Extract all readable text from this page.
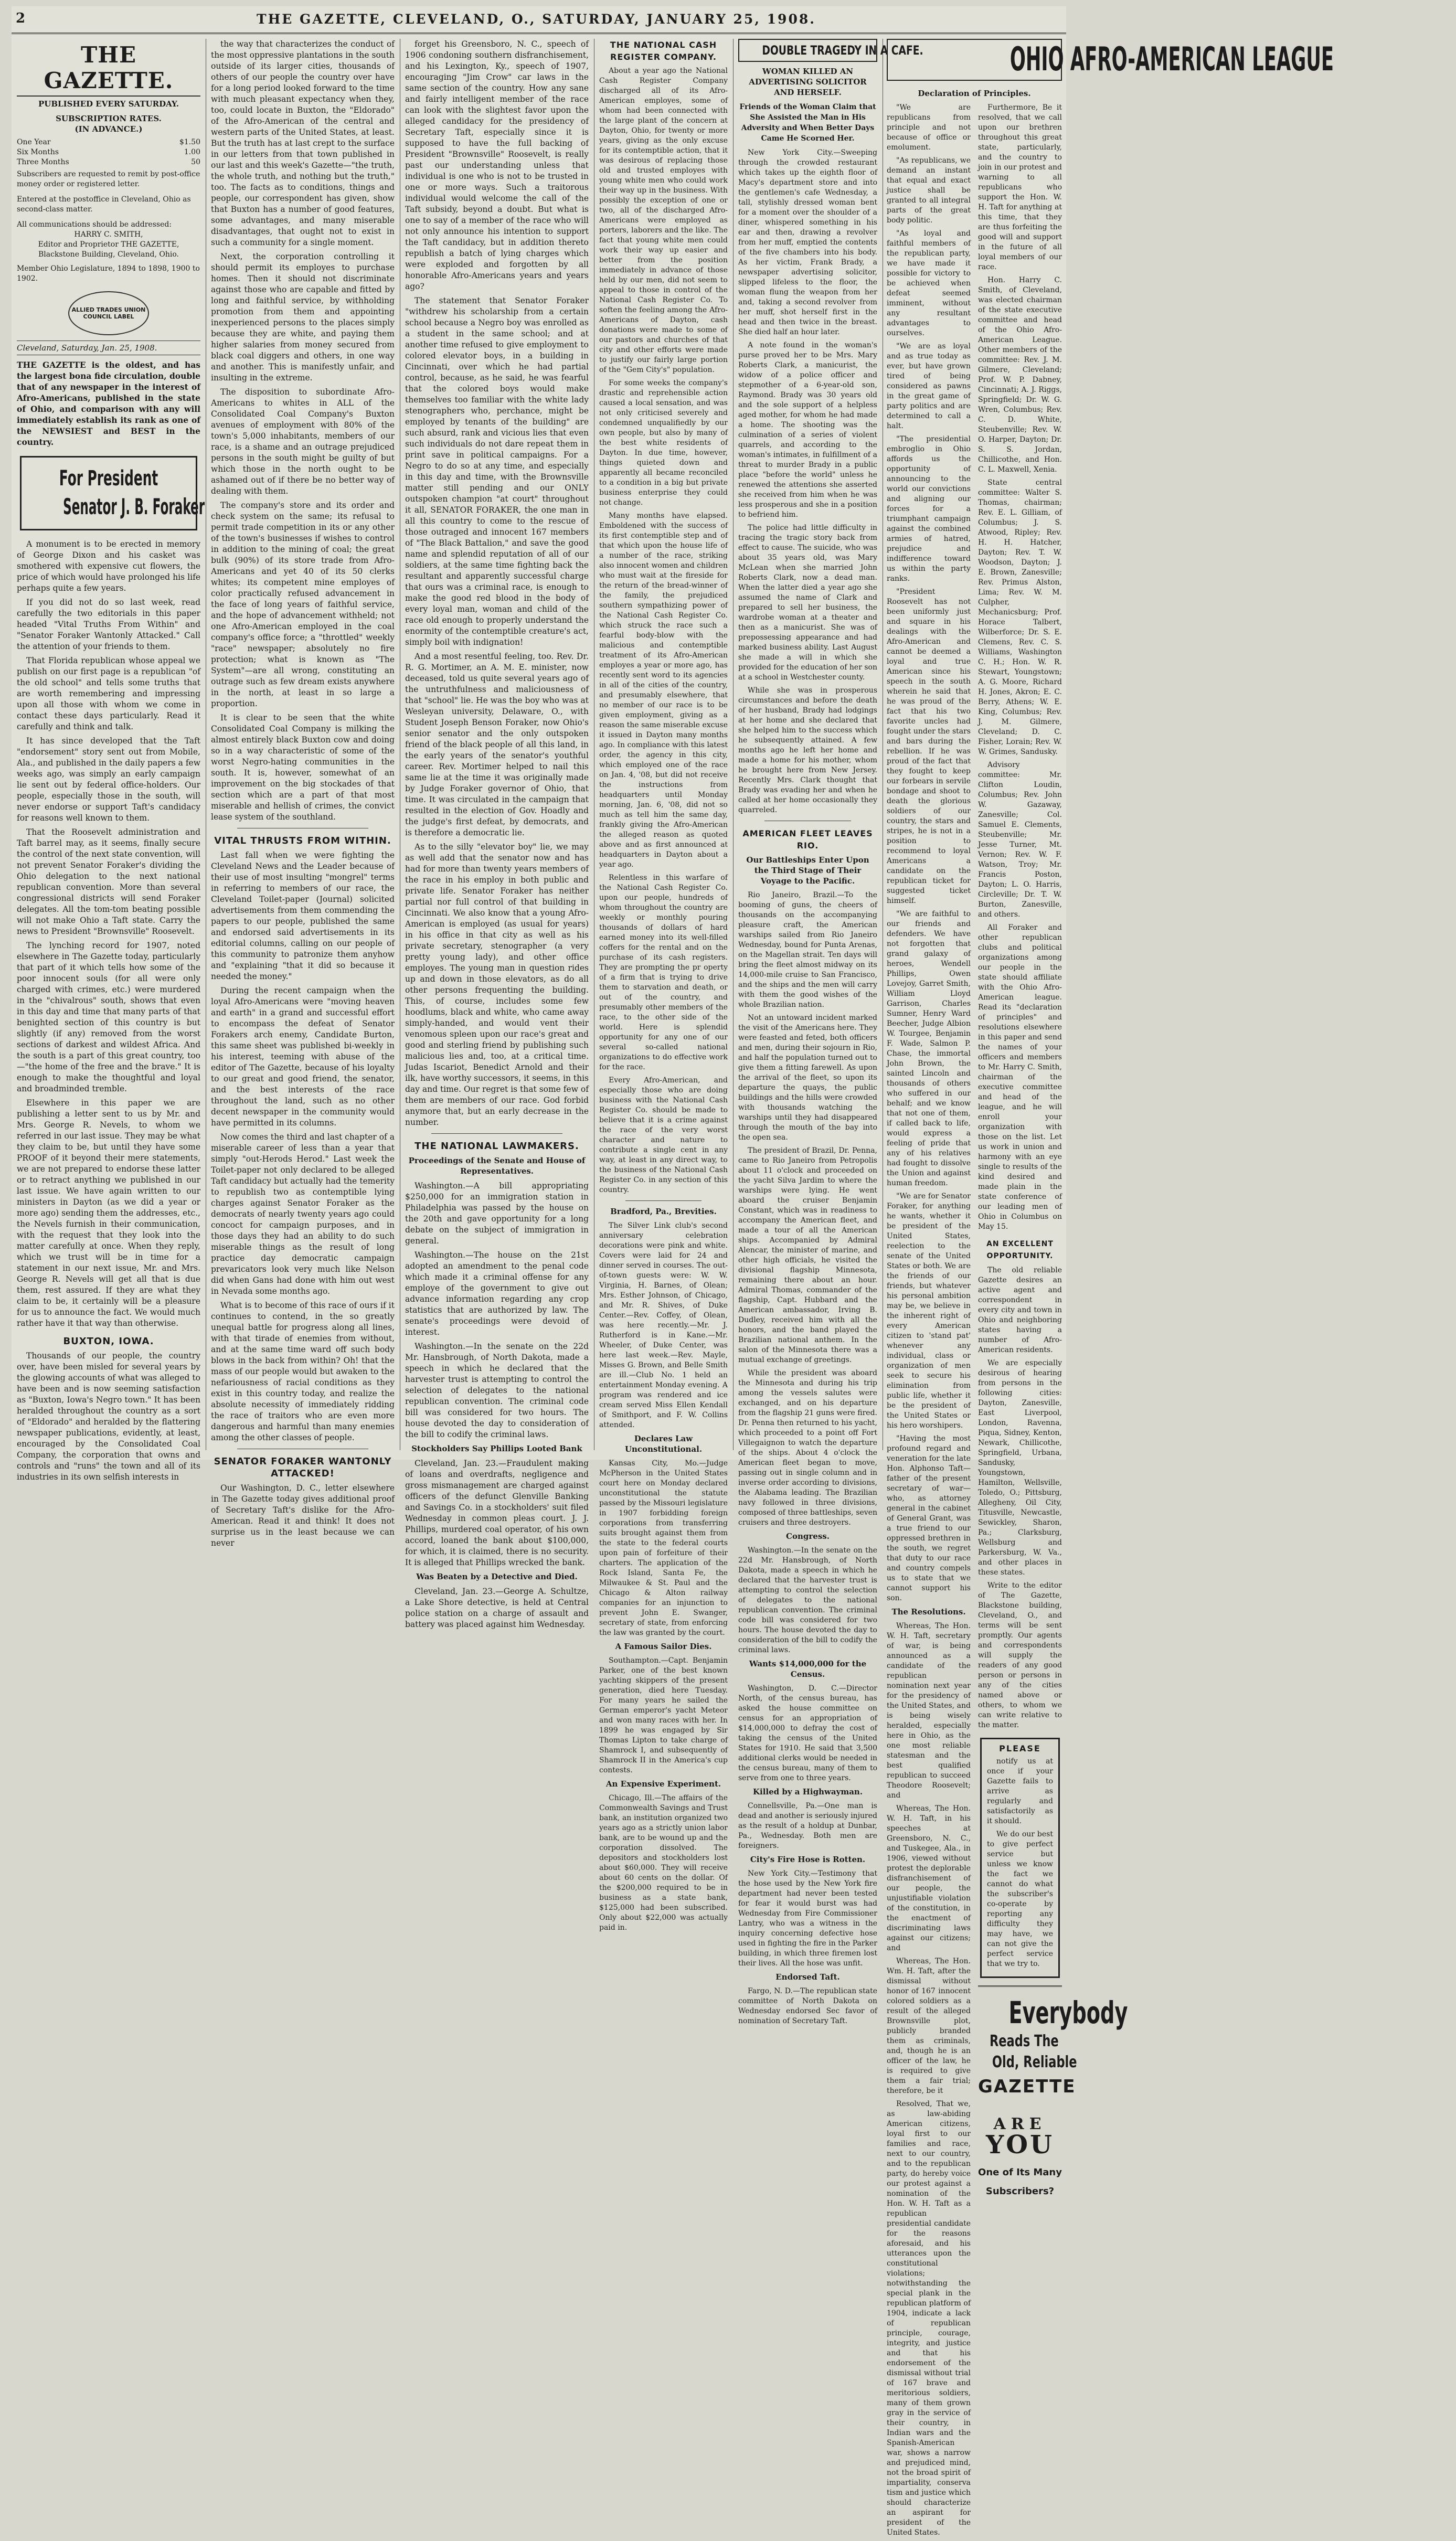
2	THE GAZETTE, CLEVELAND, O., SATURDAY, JANUARY 25, 1908.
THE GAZETTE.
PUBLISHED EVERY SATURDAY.
SUBSCRIPTION RATES.
(IN ADVANCE.)
One Year	$1.50
Six Months	1.00
Three Months	50
Subscribers are requested to remit by post-office money order or registered letter.
Entered at the postoffice in Cleveland, Ohio as second-class matter.
All communications should be addressed:
HARRY C. SMITH,
Editor and Proprietor THE GAZETTE,
Blackstone Building, Cleveland, Ohio.
Member Ohio Legislature, 1894 to 1898, 1900 to 1902.
ALLIED TRADES UNION COUNCIL LABEL
Cleveland, Saturday, Jan. 25, 1908.
THE GAZETTE is the oldest, and has the largest bona fide circulation, double that of any newspaper in the interest of Afro-Americans, published in the state of Ohio, and comparison with any will immediately establish its rank as one of the NEWSIEST and BEST in the country.
For President
Senator J. B. Foraker
A monument is to be erected in memory of George Dixon and his casket was smothered with expensive cut flowers, the price of which would have prolonged his life perhaps quite a few years.
If you did not do so last week, read carefully the two editorials in this paper headed "Vital Truths From Within" and "Senator Foraker Wantonly Attacked." Call the attention of your friends to them.
That Florida republican whose appeal we publish on our first page is a republican "of the old school" and tells some truths that are worth remembering and impressing upon all those with whom we come in contact these days particularly. Read it carefully and think and talk.
It has since developed that the Taft "endorsement" story sent out from Mobile, Ala., and published in the daily papers a few weeks ago, was simply an early campaign lie sent out by federal office-holders. Our people, especially those in the south, will never endorse or support Taft's candidacy for reasons well known to them.
That the Roosevelt administration and Taft barrel may, as it seems, finally secure the control of the next state convention, will not prevent Senator Foraker's dividing the Ohio delegation to the next national republican convention. More than several congressional districts will send Foraker delegates. All the tom-tom beating possible will not make Ohio a Taft state. Carry the news to President "Brownsville" Roosevelt.
The lynching record for 1907, noted elsewhere in The Gazette today, particularly that part of it which tells how some of the poor innocent souls (for all were only charged with crimes, etc.) were murdered in the "chivalrous" south, shows that even in this day and time that many parts of that benighted section of this country is but slightly (if any) removed from the worst sections of darkest and wildest Africa. And the south is a part of this great country, too—"the home of the free and the brave." It is enough to make the thoughtful and loyal and broadminded tremble.
Elsewhere in this paper we are publishing a letter sent to us by Mr. and Mrs. George R. Nevels, to whom we referred in our last issue. They may be what they claim to be, but until they have some PROOF of it beyond their mere statements, we are not prepared to endorse these latter or to retract anything we published in our last issue. We have again written to our ministers in Dayton (as we did a year or more ago) sending them the addresses, etc., the Nevels furnish in their communication, with the request that they look into the matter carefully at once. When they reply, which we trust will be in time for a statement in our next issue, Mr. and Mrs. George R. Nevels will get all that is due them, rest assured. If they are what they claim to be, it certainly will be a pleasure for us to announce the fact. We would much rather have it that way than otherwise.
BUXTON, IOWA.
Thousands of our people, the country over, have been misled for several years by the glowing accounts of what was alleged to have been and is now seeming satisfaction as "Buxton, Iowa's Negro town." It has been heralded throughout the country as a sort of "Eldorado" and heralded by the flattering newspaper publications, evidently, at least, encouraged by the Consolidated Coal Company, the corporation that owns and controls and "runs" the town and all of its industries in its own selfish interests in
the way that characterizes the conduct of the most oppressive plantations in the south outside of its larger cities, thousands of others of our people the country over have for a long period looked forward to the time with much pleasant expectancy when they, too, could locate in Buxton, the "Eldorado" of the Afro-American of the central and western parts of the United States, at least. But the truth has at last crept to the surface in our letters from that town published in our last and this week's Gazette—"the truth, the whole truth, and nothing but the truth," too. The facts as to conditions, things and people, our correspondent has given, show that Buxton has a number of good features, some advantages, and many miserable disadvantages, that ought not to exist in such a community for a single moment.
Next, the corporation controlling it should permit its employes to purchase homes. Then it should not discriminate against those who are capable and fitted by long and faithful service, by withholding promotion from them and appointing inexperienced persons to the places simply because they are white, and paying them higher salaries from money secured from black coal diggers and others, in one way and another. This is manifestly unfair, and insulting in the extreme.
The disposition to subordinate Afro-Americans to whites in ALL of the Consolidated Coal Company's Buxton avenues of employment with 80% of the town's 5,000 inhabitants, members of our race, is a shame and an outrage prejudiced persons in the south might be guilty of but which those in the north ought to be ashamed out of if there be no better way of dealing with them.
The company's store and its order and check system on the same; its refusal to permit trade competition in its or any other of the town's businesses if wishes to control in addition to the mining of coal; the great bulk (90%) of its store trade from Afro-Americans and yet 40 of its 50 clerks whites; its competent mine employes of color practically refused advancement in the face of long years of faithful service, and the hope of advancement withheld; not one Afro-American employed in the coal company's office force; a "throttled" weekly "race" newspaper; absolutely no fire protection; what is known as "The System"—are all wrong, constituting an outrage such as few dream exists anywhere in the north, at least in so large a proportion.
It is clear to be seen that the white Consolidated Coal Company is milking the almost entirely black Buxton cow and doing so in a way characteristic of some of the worst Negro-hating communities in the south. It is, however, somewhat of an improvement on the big stockades of that section which are a part of that most miserable and hellish of crimes, the convict lease system of the southland.
VITAL THRUSTS FROM WITHIN.
Last fall when we were fighting the Cleveland News and the Leader because of their use of most insulting "mongrel" terms in referring to members of our race, the Cleveland Toilet-paper (Journal) solicited advertisements from them commending the papers to our people, published the same and endorsed said advertisements in its editorial columns, calling on our people of this community to patronize them anyhow and "explaining "that it did so because it needed the money."
During the recent campaign when the loyal Afro-Americans were "moving heaven and earth" in a grand and successful effort to encompass the defeat of Senator Forakers arch enemy, Candidate Burton, this same sheet was published bi-weekly in his interest, teeming with abuse of the editor of The Gazette, because of his loyalty to our great and good friend, the senator, and the best interests of the race throughout the land, such as no other decent newspaper in the community would have permitted in its columns.
Now comes the third and last chapter of a miserable career of less than a year that simply "out-Herods Herod." Last week the Toilet-paper not only declared to be alleged Taft candidacy but actually had the temerity to republish two as contemptible lying charges against Senator Foraker as the democrats of nearly twenty years ago could concoct for campaign purposes, and in those days they had an ability to do such miserable things as the result of long practice day democratic campaign prevaricators look very much like Nelson did when Gans had done with him out west in Nevada some months ago.
What is to become of this race of ours if it continues to contend, in the so greatly unequal battle for progress along all lines, with that tirade of enemies from without, and at the same time ward off such body blows in the back from within? Oh! that the mass of our people would but awaken to the nefariousness of racial conditions as they exist in this country today, and realize the absolute necessity of immediately ridding the race of traitors who are even more dangerous and harmful than many enemies among the other classes of people.
SENATOR FORAKER WANTONLY ATTACKED!
Our Washington, D. C., letter elsewhere in The Gazette today gives additional proof of Secretary Taft's dislike for the Afro-American. Read it and think! It does not surprise us in the least because we can never
forget his Greensboro, N. C., speech of 1906 condoning southern disfranchisement, and his Lexington, Ky., speech of 1907, encouraging "Jim Crow" car laws in the same section of the country. How any sane and fairly intelligent member of the race can look with the slightest favor upon the alleged candidacy for the presidency of Secretary Taft, especially since it is supposed to have the full backing of President "Brownsville" Roosevelt, is really past our understanding unless that individual is one who is not to be trusted in one or more ways. Such a traitorous individual would welcome the call of the Taft subsidy, beyond a doubt. But what is one to say of a member of the race who will not only announce his intention to support the Taft candidacy, but in addition thereto republish a batch of lying charges which were exploded and forgotten by all honorable Afro-Americans years and years ago?
The statement that Senator Foraker "withdrew his scholarship from a certain school because a Negro boy was enrolled as a student in the same school; and at another time refused to give employment to colored elevator boys, in a building in Cincinnati, over which he had partial control, because, as he said, he was fearful that the colored boys would make themselves too familiar with the white lady stenographers who, perchance, might be employed by tenants of the building" are such absurd, rank and vicious lies that even such individuals do not dare repeat them in print save in political campaigns. For a Negro to do so at any time, and especially in this day and time, with the Brownsville matter still pending and our ONLY outspoken champion "at court" throughout it all, SENATOR FORAKER, the one man in all this country to come to the rescue of those outraged and innocent 167 members of "The Black Battalion," and save the good name and splendid reputation of all of our soldiers, at the same time fighting back the resultant and apparently successful charge that ours was a criminal race, is enough to make the good red blood in the body of every loyal man, woman and child of the race old enough to properly understand the enormity of the contemptible creature's act, simply boil with indignation!
And a most resentful feeling, too. Rev. Dr. R. G. Mortimer, an A. M. E. minister, now deceased, told us quite several years ago of the untruthfulness and maliciousness of that "school" lie. He was the boy who was at Wesleyan university, Delaware, O., with Student Joseph Benson Foraker, now Ohio's senior senator and the only outspoken friend of the black people of all this land, in the early years of the senator's youthful career. Rev. Mortimer helped to nail this same lie at the time it was originally made by Judge Foraker governor of Ohio, that time. It was circulated in the campaign that resulted in the election of Gov. Hoadly and the judge's first defeat, by democrats, and is therefore a democratic lie.
As to the silly "elevator boy" lie, we may as well add that the senator now and has had for more than twenty years members of the race in his employ in both public and private life. Senator Foraker has neither partial nor full control of that building in Cincinnati. We also know that a young Afro-American is employed (as usual for years) in his office in that city as well as his private secretary, stenographer (a very pretty young lady), and other office employes. The young man in question rides up and down in those elevators, as do all other persons frequenting the building. This, of course, includes some few hoodlums, black and white, who came away simply-handed, and would vent their venomous spleen upon our race's great and good and sterling friend by publishing such malicious lies and, too, at a critical time. Judas Iscariot, Benedict Arnold and their ilk, have worthy successors, it seems, in this day and time. Our regret is that some few of them are members of our race. God forbid anymore that, but an early decrease in the number.
THE NATIONAL LAWMAKERS.
Proceedings of the Senate and House of Representatives.
Washington.—A bill appropriating $250,000 for an immigration station in Philadelphia was passed by the house on the 20th and gave opportunity for a long debate on the subject of immigration in general.
Washington.—The house on the 21st adopted an amendment to the penal code which made it a criminal offense for any employe of the government to give out advance information regarding any crop statistics that are authorized by law. The senate's proceedings were devoid of interest.
Washington.—In the senate on the 22d Mr. Hansbrough, of North Dakota, made a speech in which he declared that the harvester trust is attempting to control the selection of delegates to the national republican convention. The criminal code bill was considered for two hours. The house devoted the day to consideration of the bill to codify the criminal laws.
Stockholders Say Phillips Looted Bank
Cleveland, Jan. 23.—Fraudulent making of loans and overdrafts, negligence and gross mismanagement are charged against officers of the defunct Glenville Banking and Savings Co. in a stockholders' suit filed Wednesday in common pleas court. J. J. Phillips, murdered coal operator, of his own accord, loaned the bank about $100,000, for which, it is claimed, there is no security. It is alleged that Phillips wrecked the bank.
Was Beaten by a Detective and Died.
Cleveland, Jan. 23.—George A. Schultze, a Lake Shore detective, is held at Central police station on a charge of assault and battery was placed against him Wednesday.
THE NATIONAL CASH REGISTER COMPANY.
About a year ago the National Cash Register Company discharged all of its Afro-American employes, some of whom had been connected with the large plant of the concern at Dayton, Ohio, for twenty or more years, giving as the only excuse for its contemptible action, that it was desirous of replacing those old and trusted employes with young white men who could work their way up in the business. With possibly the exception of one or two, all of the discharged Afro-Americans were employed as porters, laborers and the like. The fact that young white men could work their way up easier and better from the position immediately in advance of those held by our men, did not seem to appeal to those in control of the National Cash Register Co. To soften the feeling among the Afro-Americans of Dayton, cash donations were made to some of our pastors and churches of that city and other efforts were made to justify our fairly large portion of the "Gem City's" population.
For some weeks the company's drastic and reprehensible action caused a local sensation, and was not only criticised severely and condemned unqualifiedly by our own people, but also by many of the best white residents of Dayton. In due time, however, things quieted down and apparently all became reconciled to a condition in a big but private business enterprise they could not change.
Many months have elapsed. Emboldened with the success of its first contemptible step and of that which upon the house life of a number of the race, striking also innocent women and children who must wait at the fireside for the return of the bread-winner of the family, the prejudiced southern sympathizing power of the National Cash Register Co. which struck the race such a fearful body-blow with the malicious and contemptible treatment of its Afro-American employes a year or more ago, has recently sent word to its agencies in all of the cities of the country, and presumably elsewhere, that no member of our race is to be given employment, giving as a reason the same miserable excuse it issued in Dayton many months ago. In compliance with this latest order, the agency in this city, which employed one of the race on Jan. 4, '08, but did not receive the instructions from headquarters until Monday morning, Jan. 6, '08, did not so much as tell him the same day, frankly giving the Afro-American the alleged reason as quoted above and as first announced at headquarters in Dayton about a year ago.
Relentless in this warfare of the National Cash Register Co. upon our people, hundreds of whom throughout the country are weekly or monthly pouring thousands of dollars of hard earned money into its well-filled coffers for the rental and on the purchase of its cash registers. They are prompting the pr operty of a firm that is trying to drive them to starvation and death, or out of the country, and presumably other members of the race, to the other side of the world. Here is splendid opportunity for any one of our several so-called national organizations to do effective work for the race.
Every Afro-American, and especially those who are doing business with the National Cash Register Co. should be made to believe that it is a crime against the race of the very worst character and nature to contribute a single cent in any way, at least in any direct way, to the business of the National Cash Register Co. in any section of this country.
Bradford, Pa., Brevities.
The Silver Link club's second anniversary celebration decorations were pink and white. Covers were laid for 24 and dinner served in courses. The out-of-town guests were: W. W. Virginia, H. Barnes, of Olean; Mrs. Esther Johnson, of Chicago, and Mr. R. Shives, of Duke Center.—Rev. Coffey, of Olean, was here recently.—Mr. J. Rutherford is in Kane.—Mr. Wheeler, of Duke Center, was here last week.—Rev. Mayle, Misses G. Brown, and Belle Smith are ill.—Club No. 1 held an entertainment Monday evening. A program was rendered and ice cream served Miss Ellen Kendall of Smithport, and F. W. Collins attended.
Declares Law Unconstitutional.
Kansas City, Mo.—Judge McPherson in the United States court here on Monday declared unconstitutional the statute passed by the Missouri legislature in 1907 forbidding foreign corporations from transferring suits brought against them from the state to the federal courts upon pain of forfeiture of their charters. The application of the Rock Island, Santa Fe, the Milwaukee & St. Paul and the Chicago & Alton railway companies for an injunction to prevent John E. Swanger, secretary of state, from enforcing the law was granted by the court.
A Famous Sailor Dies.
Southampton.—Capt. Benjamin Parker, one of the best known yachting skippers of the present generation, died here Tuesday. For many years he sailed the German emperor's yacht Meteor and won many races with her. In 1899 he was engaged by Sir Thomas Lipton to take charge of Shamrock I, and subsequently of Shamrock II in the America's cup contests.
An Expensive Experiment.
Chicago, Ill.—The affairs of the Commonwealth Savings and Trust bank, an institution organized two years ago as a strictly union labor bank, are to be wound up and the corporation dissolved. The depositors and stockholders lost about $60,000. They will receive about 60 cents on the dollar. Of the $200,000 required to be in business as a state bank, $125,000 had been subscribed. Only about $22,000 was actually paid in.
DOUBLE TRAGEDY IN A CAFE.
WOMAN KILLED AN ADVERTISING SOLICITOR AND HERSELF.
Friends of the Woman Claim that She Assisted the Man in His Adversity and When Better Days Came He Scorned Her.
New York City.—Sweeping through the crowded restaurant which takes up the eighth floor of Macy's department store and into the gentlemen's cafe Wednesday, a tall, stylishly dressed woman bent for a moment over the shoulder of a diner, whispered something in his ear and then, drawing a revolver from her muff, emptied the contents of the five chambers into his body. As her victim, Frank Brady, a newspaper advertising solicitor, slipped lifeless to the floor, the woman flung the weapon from her and, taking a second revolver from her muff, shot herself first in the head and then twice in the breast. She died half an hour later.
A note found in the woman's purse proved her to be Mrs. Mary Roberts Clark, a manicurist, the widow of a police officer and stepmother of a 6-year-old son, Raymond. Brady was 30 years old and the sole support of a helpless aged mother, for whom he had made a home. The shooting was the culmination of a series of violent quarrels, and according to the woman's intimates, in fulfillment of a threat to murder Brady in a public place "before the world" unless he renewed the attentions she asserted she received from him when he was less prosperous and she in a position to befriend him.
The police had little difficulty in tracing the tragic story back from effect to cause. The suicide, who was about 35 years old, was Mary McLean when she married John Roberts Clark, now a dead man. When the latter died a year ago she assumed the name of Clark and prepared to sell her business, the wardrobe woman at a theater and then as a manicurist. She was of prepossessing appearance and had marked business ability. Last August she made a will in which she provided for the education of her son at a school in Westchester county.
While she was in prosperous circumstances and before the death of her husband, Brady had lodgings at her home and she declared that she helped him to the success which he subsequently attained. A few months ago he left her home and made a home for his mother, whom he brought here from New Jersey. Recently Mrs. Clark thought that Brady was evading her and when he called at her home occasionally they quarreled.
AMERICAN FLEET LEAVES RIO.
Our Battleships Enter Upon the Third Stage of Their Voyage to the Pacific.
Rio Janeiro, Brazil.—To the booming of guns, the cheers of thousands on the accompanying pleasure craft, the American warships sailed from Rio Janeiro Wednesday, bound for Punta Arenas, on the Magellan strait. Ten days will bring the fleet almost midway on its 14,000-mile cruise to San Francisco, and the ships and the men will carry with them the good wishes of the whole Brazilian nation.
Not an untoward incident marked the visit of the Americans here. They were feasted and feted, both officers and men, during their sojourn in Rio, and half the population turned out to give them a fitting farewell. As upon the arrival of the fleet, so upon its departure the quays, the public buildings and the hills were crowded with thousands watching the warships until they had disappeared through the mouth of the bay into the open sea.
The president of Brazil, Dr. Penna, came to Rio Janeiro from Petropolis about 11 o'clock and proceeded on the yacht Silva Jardim to where the warships were lying. He went aboard the cruiser Benjamin Constant, which was in readiness to accompany the American fleet, and made a tour of all the American ships. Accompanied by Admiral Alencar, the minister of marine, and other high officials, he visited the divisional flagship Minnesota, remaining there about an hour. Admiral Thomas, commander of the flagship, Capt. Hubbard and the American ambassador, Irving B. Dudley, received him with all the honors, and the band played the Brazilian national anthem. In the salon of the Minnesota there was a mutual exchange of greetings.
While the president was aboard the Minnesota and during his trip among the vessels salutes were exchanged, and on his departure from the flagship 21 guns were fired. Dr. Penna then returned to his yacht, which proceeded to a point off Fort Villegaignon to watch the departure of the ships. About 4 o'clock the American fleet began to move, passing out in single column and in inverse order according to divisions, the Alabama leading. The Brazilian navy followed in three divisions, composed of three battleships, seven cruisers and three destroyers.
Congress.
Washington.—In the senate on the 22d Mr. Hansbrough, of North Dakota, made a speech in which he declared that the harvester trust is attempting to control the selection of delegates to the national republican convention. The criminal code bill was considered for two hours. The house devoted the day to consideration of the bill to codify the criminal laws.
Wants $14,000,000 for the Census.
Washington, D. C.—Director North, of the census bureau, has asked the house committee on census for an appropriation of $14,000,000 to defray the cost of taking the census of the United States for 1910. He said that 3,500 additional clerks would be needed in the census bureau, many of them to serve from one to three years.
Killed by a Highwayman.
Connellsville, Pa.—One man is dead and another is seriously injured as the result of a holdup at Dunbar, Pa., Wednesday. Both men are foreigners.
City's Fire Hose is Rotten.
New York City.—Testimony that the hose used by the New York fire department had never been tested for fear it would burst was had Wednesday from Fire Commissioner Lantry, who was a witness in the inquiry concerning defective hose used in fighting the fire in the Parker building, in which three firemen lost their lives. All the hose was unfit.
Endorsed Taft.
Fargo, N. D.—The republican state committee of North Dakota on Wednesday endorsed Sec favor of nomination of Secretary Taft.
OHIO AFRO-AMERICAN LEAGUE
Declaration of Principles.
"We are republicans from principle and not because of office or emolument.
"As republicans, we demand an instant that equal and exact justice shall be granted to all integral parts of the great body politic.
"As loyal and faithful members of the republican party, we have made it possible for victory to be achieved when defeat seemed imminent, without any resultant advantages to ourselves.
"We are as loyal and as true today as ever, but have grown tired of being considered as pawns in the great game of party politics and are determined to call a halt.
"The presidential embroglio in Ohio affords us the opportunity of announcing to the world our convictions and aligning our forces for a triumphant campaign against the combined armies of hatred, prejudice and indifference toward us within the party ranks.
"President Roosevelt has not been uniformly just and square in his dealings with the Afro-American and cannot be deemed a loyal and true American since his speech in the south wherein he said that he was proud of the fact that his two favorite uncles had fought under the stars and bars during the rebellion. If he was proud of the fact that they fought to keep our forbears in servile bondage and shoot to death the glorious soldiers of our country, the stars and stripes, he is not in a position to recommend to loyal Americans a candidate on the republican ticket for suggested ticket himself.
"We are faithful to our friends and defenders. We have not forgotten that grand galaxy of heroes, Wendell Phillips, Owen Lovejoy, Garret Smith, William Lloyd Garrison, Charles Sumner, Henry Ward Beecher, Judge Albion W. Tourgee, Benjamin F. Wade, Salmon P. Chase, the immortal John Brown, the sainted Lincoln and thousands of others who suffered in our behalf; and we know that not one of them, if called back to life, would express a feeling of pride that any of his relatives had fought to dissolve the Union and against human freedom.
"We are for Senator Foraker, for anything he wants, whether it be president of the United States, reelection to the senate of the United States or both. We are the friends of our friends, but whatever his personal ambition may be, we believe in the inherent right of every American citizen to 'stand pat' whenever any individual, class or organization of men seek to secure his elimination from public life, whether it be the president of the United States or his hero worshipers.
"Having the most profound regard and veneration for the late Hon. Alphonso Taft—father of the present secretary of war—who, as attorney general in the cabinet of General Grant, was a true friend to our oppressed brethren in the south, we regret that duty to our race and country compels us to state that we cannot support his son.
The Resolutions.
Whereas, The Hon. W. H. Taft, secretary of war, is being announced as a candidate of the republican nomination next year for the presidency of the United States, and is being wisely heralded, especially here in Ohio, as the one most reliable statesman and the best qualified republican to succeed Theodore Roosevelt; and
Whereas, The Hon. W. H. Taft, in his speeches at Greensboro, N. C., and Tuskegee, Ala., in 1906, viewed without protest the deplorable disfranchisement of our people, the unjustifiable violation of the constitution, in the enactment of discriminating laws against our citizens; and
Whereas, The Hon. Wm. H. Taft, after the dismissal without honor of 167 innocent colored soldiers as a result of the alleged Brownsville plot, publicly branded them as criminals, and, though he is an officer of the law, he is required to give them a fair trial; therefore, be it
Resolved, That we, as law-abiding American citizens, loyal first to our families and race, next to our country, and to the republican party, do hereby voice our protest against a nomination of the Hon. W. H. Taft as a republican presidential candidate for the reasons aforesaid, and his utterances upon the constitutional violations; notwithstanding the special plank in the republican platform of 1904, indicate a lack of republican principle, courage, integrity, and justice and that his endorsement of the dismissal without trial of 167 brave and meritorious soldiers, many of them grown gray in the service of their country, in Indian wars and the Spanish-American war, shows a narrow and prejudiced mind, not the broad spirit of impartiality, conserva tism and justice which should characterize an aspirant for president of the United States.
Furthermore, Be it resolved, that we call upon our brethren throughout this great state, particularly, and the country to join in our protest and warning to all republicans who support the Hon. W. H. Taft for anything at this time, that they are thus forfeiting the good will and support in the future of all loyal members of our race.
Hon. Harry C. Smith, of Cleveland, was elected chairman of the state executive committee and head of the Ohio Afro-American League. Other members of the committee: Rev. J. M. Gilmere, Cleveland; Prof. W. P. Dabney, Cincinnati; A. J. Riggs, Springfield; Dr. W. G. Wren, Columbus; Rev. C. D. White, Steubenville; Rev. W. O. Harper, Dayton; Dr. S. S. Jordan, Chillicothe, and Hon. C. L. Maxwell, Xenia.
State central committee: Walter S. Thomas, chairman; Rev. E. L. Gilliam, of Columbus; J. S. Atwood, Ripley; Rev. H. H. Hatcher, Dayton; Rev. T. W. Woodson, Dayton; J. E. Brown, Zanesville; Rev. Primus Alston, Lima; Rev. W. M. Culpher, Mechanicsburg; Prof. Horace Talbert, Wilberforce; Dr. S. E. Clemens, Rev. C. S. Williams, Washington C. H.; Hon. W. R. Stewart, Youngstown; A. G. Moore, Richard H. Jones, Akron; E. C. Berry, Athens; W. E. King, Columbus; Rev. J. M. Gilmere, Cleveland; D. C. Fisher, Lorain; Rev. W. W. Grimes, Sandusky.
Advisory committee: Mr. Clifton Loudin, Columbus; Rev. John W. Gazaway, Zanesville; Col. Samuel E. Clements, Steubenville; Mr. Jesse Turner, Mt. Vernon; Rev. W. F. Watson, Troy; Mr. Francis Poston, Dayton; L. O. Harris, Circleville; Dr. T. W. Burton, Zanesville, and others.
All Foraker and other republican clubs and political organizations among our people in the state should affiliate with the Ohio Afro-American league. Read its "declaration of principles" and resolutions elsewhere in this paper and send the names of your officers and members to Mr. Harry C. Smith, chairman of the executive committee and head of the league, and he will enroll your organization with those on the list. Let us work in union and harmony with an eye single to results of the kind desired and made plain in the state conference of our leading men of Ohio in Columbus on May 15.
AN EXCELLENT OPPORTUNITY.
The old reliable Gazette desires an active agent and correspondent in every city and town in Ohio and neighboring states having a number of Afro-American residents.
We are especially desirous of hearing from persons in the following cities: Dayton, Zanesville, East Liverpool, London, Ravenna, Piqua, Sidney, Kenton, Newark, Chillicothe, Springfield, Urbana, Sandusky, Youngstown, Hamilton, Wellsville, Toledo, O.; Pittsburg, Allegheny, Oil City, Titusville, Newcastle, Sewickley, Sharon, Pa.; Clarksburg, Wellsburg and Parkersburg, W. Va., and other places in these states.
Write to the editor of The Gazette, Blackstone building, Cleveland, O., and terms will be sent promptly. Our agents and correspondents will supply the readers of any good person or persons in any of the cities named above or others, to whom we can write relative to the matter.
PLEASE
notify us at once if your Gazette fails to arrive as regularly and satisfactorily as it should.
We do our best to give perfect service but unless we know the fact we cannot do what the subscriber's co-operate by reporting any difficulty they may have, we can not give the perfect service that we try to.
Everybody
Reads The
Old, Reliable
GAZETTE
ARE
YOU
One of Its Many
Subscribers?
